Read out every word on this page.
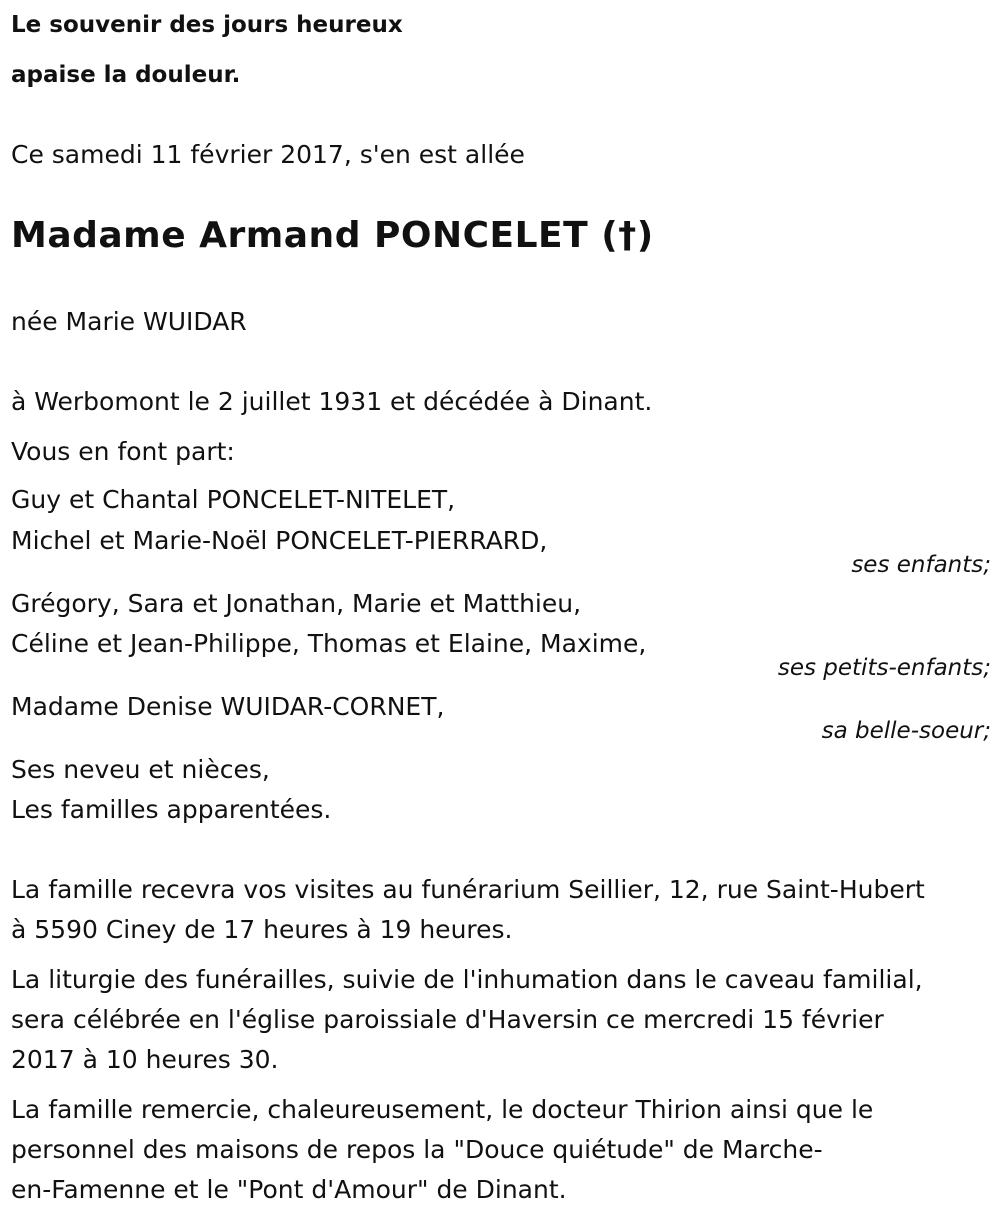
Le souvenir des jours heureux
apaise la douleur.
Ce samedi 11 février 2017, s'en est allée
Madame Armand PONCELET (†)
née Marie WUIDAR
à Werbomont le 2 juillet 1931 et décédée à Dinant.
Vous en font part:
Guy et Chantal PONCELET-NITELET,
Michel et Marie-Noël PONCELET-PIERRARD,
ses enfants;
Grégory, Sara et Jonathan, Marie et Matthieu,
Céline et Jean-Philippe, Thomas et Elaine, Maxime,
ses petits-enfants;
Madame Denise WUIDAR-CORNET,
sa belle-soeur;
Ses neveu et nièces,
Les familles apparentées.
La famille recevra vos visites au funérarium Seillier, 12, rue Saint-Hubert
à 5590 Ciney de 17 heures à 19 heures.
La liturgie des funérailles, suivie de l'inhumation dans le caveau familial,
sera célébrée en l'église paroissiale d'Haversin ce mercredi 15 février
2017 à 10 heures 30.
La famille remercie, chaleureusement, le docteur Thirion ainsi que le
personnel des maisons de repos la "Douce quiétude" de Marche-
en-Famenne et le "Pont d'Amour" de Dinant.
